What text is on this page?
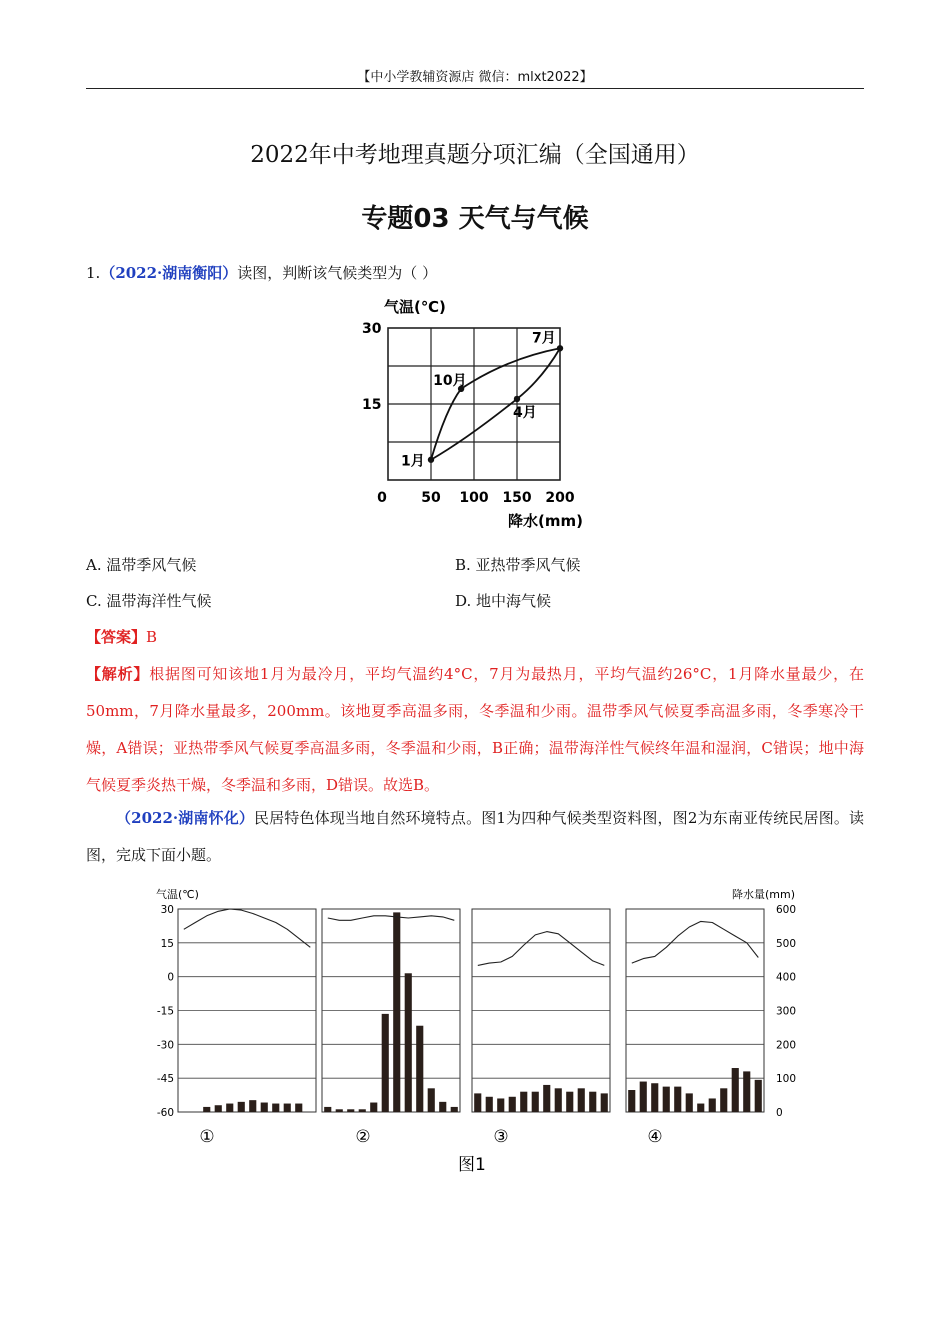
【中小学教辅资源店 微信：mlxt2022】
2022年中考地理真题分项汇编（全国通用）
专题03 天气与气候
1.（2022·湖南衡阳）读图，判断该气候类型为（ ）
30
15
0 50 100 150 200
1月
10月
4月
7月
气温(℃)
降水(mm)
A. 温带季风气候	B. 亚热带季风气候
C. 温带海洋性气候	D. 地中海气候
【答案】B
【解析】根据图可知该地1月为最冷月，平均气温约4°C，7月为最热月，平均气温约26°C，1月降水量最少，在50mm，7月降水量最多，200mm。该地夏季高温多雨，冬季温和少雨。温带季风气候夏季高温多雨，冬季寒冷干燥，A错误；亚热带季风气候夏季高温多雨，冬季温和少雨，B正确；温带海洋性气候终年温和湿润，C错误；地中海气候夏季炎热干燥，冬季温和多雨，D错误。故选B。
（2022·湖南怀化）民居特色体现当地自然环境特点。图1为四种气候类型资料图，图2为东南亚传统民居图。读图，完成下面小题。
气温(℃)	降水量(mm)
30
15
0
-15
-30
-45
-60
600
500
400
300
200
100
0
①	②	③	④
图1
